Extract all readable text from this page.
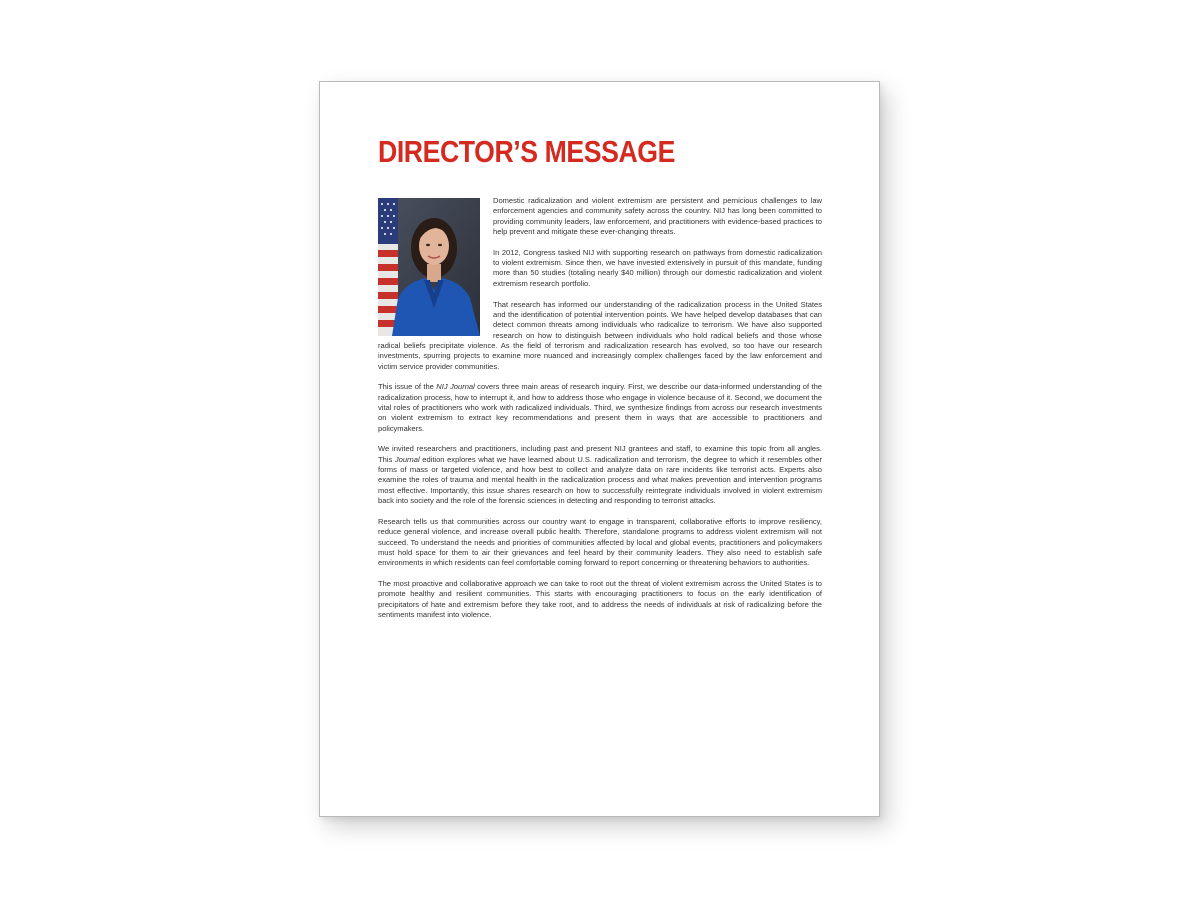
DIRECTOR’S MESSAGE

Domestic radicalization and violent extremism are persistent and pernicious challenges to law enforcement agencies and community safety across the country. NIJ has long been committed to providing community leaders, law enforcement, and practitioners with evidence-based practices to help prevent and mitigate these ever-changing threats.

In 2012, Congress tasked NIJ with supporting research on pathways from domestic radicalization to violent extremism. Since then, we have invested extensively in pursuit of this mandate, funding more than 50 studies (totaling nearly $40 million) through our domestic radicalization and violent extremism research portfolio.

That research has informed our understanding of the radicalization process in the United States and the identification of potential intervention points. We have helped develop databases that can detect common threats among individuals who radicalize to terrorism. We have also supported research on how to distinguish between individuals who hold radical beliefs and those whose radical beliefs precipitate violence. As the field of terrorism and radicalization research has evolved, so too have our research investments, spurring projects to examine more nuanced and increasingly complex challenges faced by the law enforcement and victim service provider communities.

This issue of the NIJ Journal covers three main areas of research inquiry. First, we describe our data-informed understanding of the radicalization process, how to interrupt it, and how to address those who engage in violence because of it. Second, we document the vital roles of practitioners who work with radicalized individuals. Third, we synthesize findings from across our research investments on violent extremism to extract key recommendations and present them in ways that are accessible to practitioners and policymakers.

We invited researchers and practitioners, including past and present NIJ grantees and staff, to examine this topic from all angles. This Journal edition explores what we have learned about U.S. radicalization and terrorism, the degree to which it resembles other forms of mass or targeted violence, and how best to collect and analyze data on rare incidents like terrorist acts. Experts also examine the roles of trauma and mental health in the radicalization process and what makes prevention and intervention programs most effective. Importantly, this issue shares research on how to successfully reintegrate individuals involved in violent extremism back into society and the role of the forensic sciences in detecting and responding to terrorist attacks.

Research tells us that communities across our country want to engage in transparent, collaborative efforts to improve resiliency, reduce general violence, and increase overall public health. Therefore, standalone programs to address violent extremism will not succeed. To understand the needs and priorities of communities affected by local and global events, practitioners and policymakers must hold space for them to air their grievances and feel heard by their community leaders. They also need to establish safe environments in which residents can feel comfortable coming forward to report concerning or threatening behaviors to authorities.

The most proactive and collaborative approach we can take to root out the threat of violent extremism across the United States is to promote healthy and resilient communities. This starts with encouraging practitioners to focus on the early identification of precipitators of hate and extremism before they take root, and to address the needs of individuals at risk of radicalizing before the sentiments manifest into violence.
